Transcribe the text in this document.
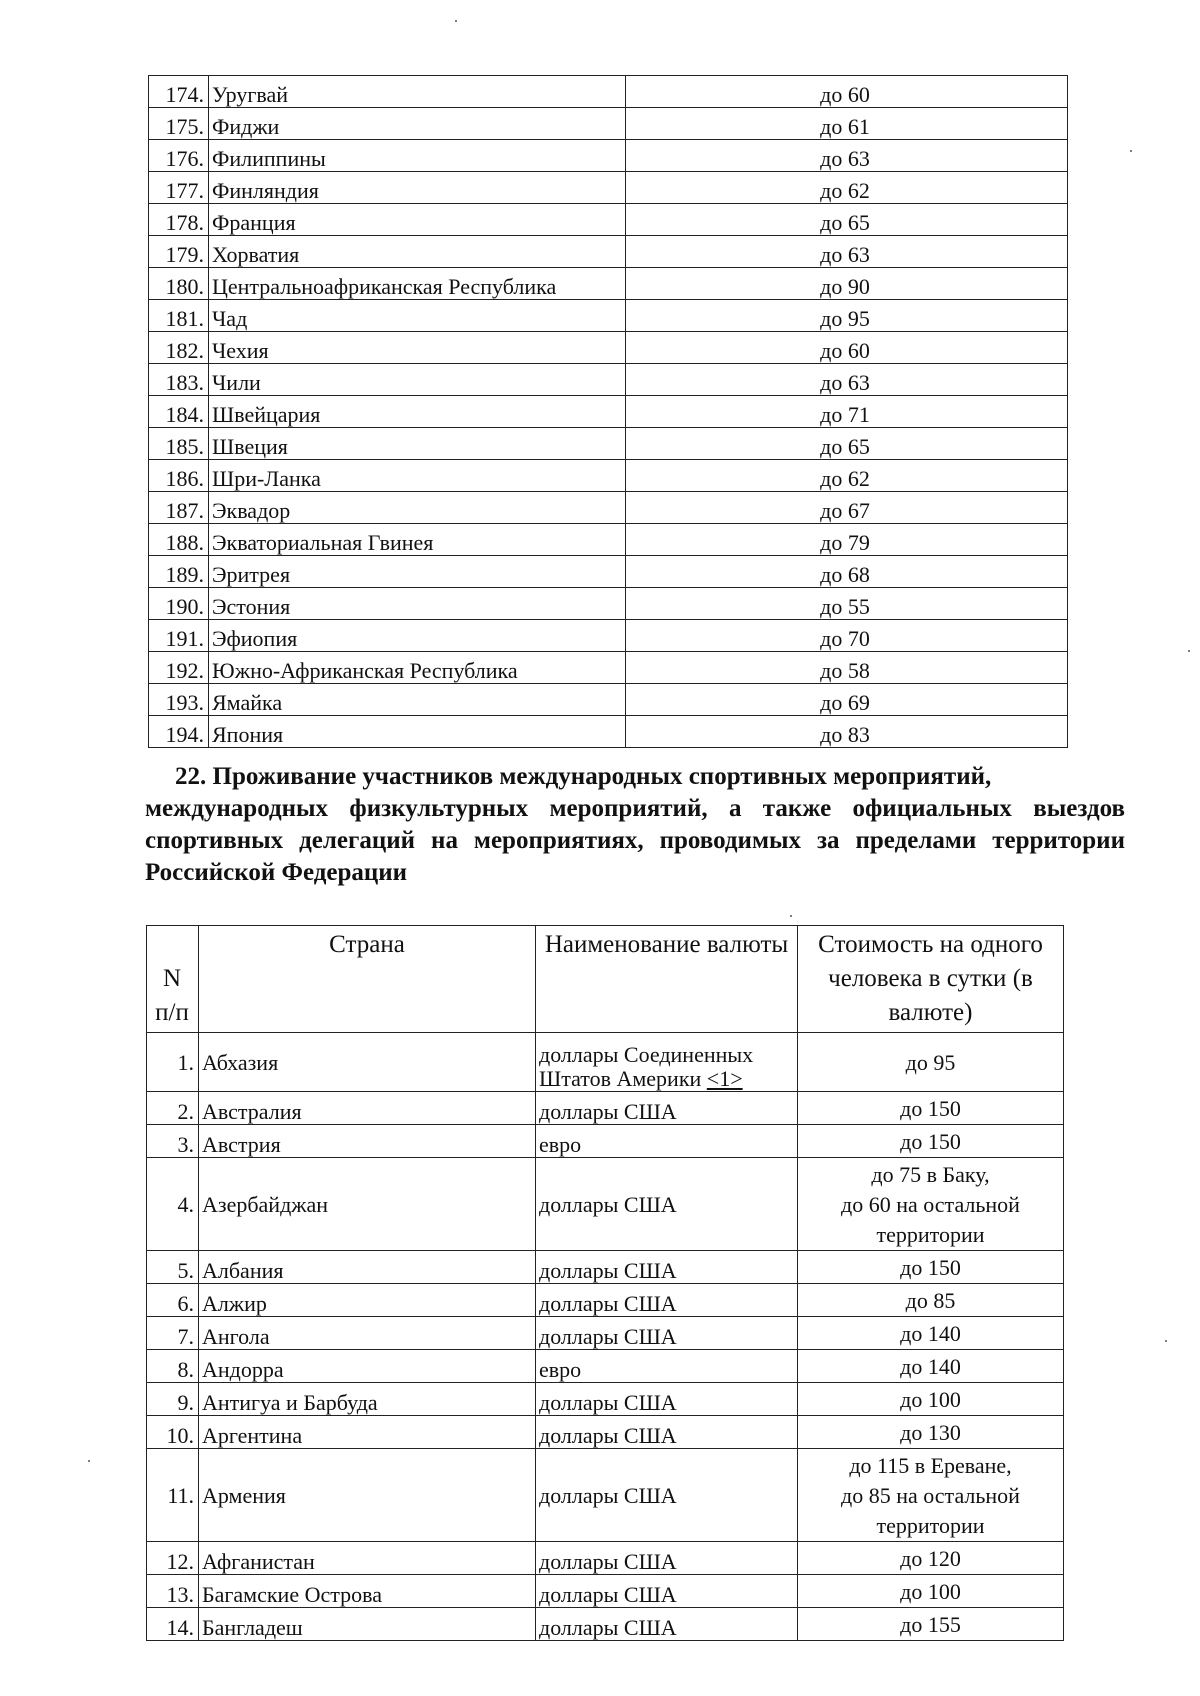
174.	Уругвай	до 60
175.	Фиджи	до 61
176.	Филиппины	до 63
177.	Финляндия	до 62
178.	Франция	до 65
179.	Хорватия	до 63
180.	Центральноафриканская Республика	до 90
181.	Чад	до 95
182.	Чехия	до 60
183.	Чили	до 63
184.	Швейцария	до 71
185.	Швеция	до 65
186.	Шри-Ланка	до 62
187.	Эквадор	до 67
188.	Экваториальная Гвинея	до 79
189.	Эритрея	до 68
190.	Эстония	до 55
191.	Эфиопия	до 70
192.	Южно-Африканская Республика	до 58
193.	Ямайка	до 69
194.	Япония	до 83

22. Проживание участников международных спортивных мероприятий,
международных физкультурных мероприятий, а также официальных выездов спортивных делегаций на мероприятиях, проводимых за пределами территории Российской Федерации

N п/п	Страна	Наименование валюты	Стоимость на одного человека в сутки (в валюте)
1.	Абхазия	доллары Соединенных
Штатов Америки <1>	до 95
2.	Австралия	доллары США	до 150
3.	Австрия	евро	до 150
4.	Азербайджан	доллары США	до 75 в Баку,
до 60 на остальной
территории
5.	Албания	доллары США	до 150
6.	Алжир	доллары США	до 85
7.	Ангола	доллары США	до 140
8.	Андорра	евро	до 140
9.	Антигуа и Барбуда	доллары США	до 100
10.	Аргентина	доллары США	до 130
11.	Армения	доллары США	до 115 в Ереване,
до 85 на остальной
территории
12.	Афганистан	доллары США	до 120
13.	Багамские Острова	доллары США	до 100
14.	Бангладеш	доллары США	до 155
